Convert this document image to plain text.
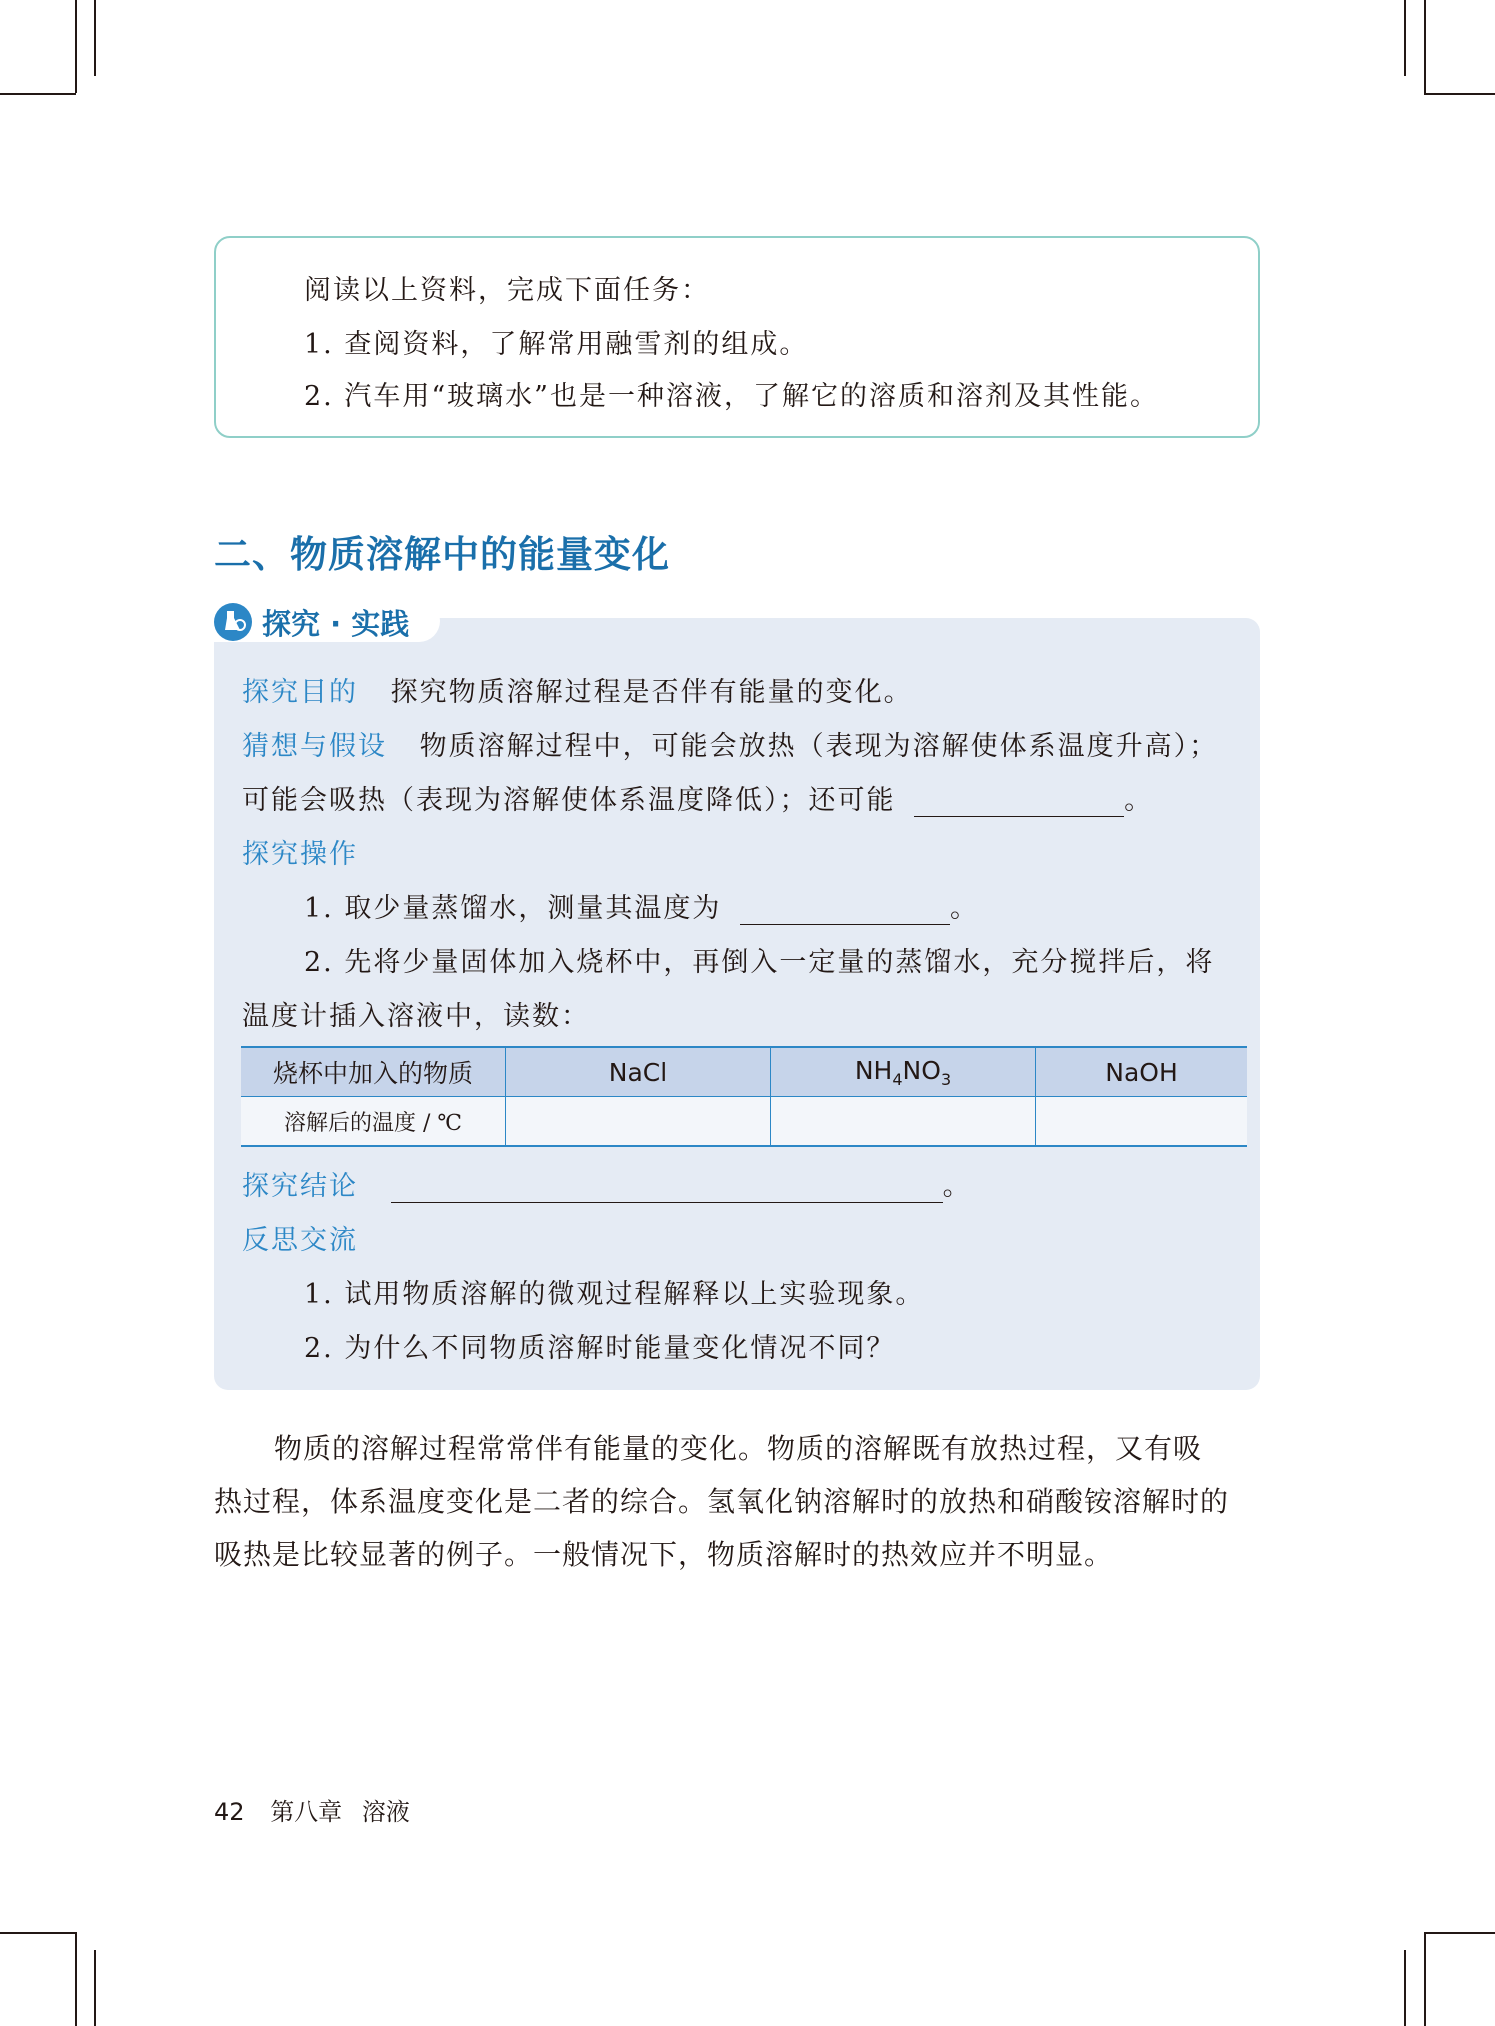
阅读以上资料，完成下面任务：
1. 查阅资料，了解常用融雪剂的组成。
2. 汽车用“玻璃水”也是一种溶液，了解它的溶质和溶剂及其性能。
二、物质溶解中的能量变化
探究 · 实践
探究目的 探究物质溶解过程是否伴有能量的变化。
猜想与假设 物质溶解过程中，可能会放热（表现为溶解使体系温度升高）；
可能会吸热（表现为溶解使体系温度降低）；还可能	。
探究操作
1. 取少量蒸馏水，测量其温度为	。
2. 先将少量固体加入烧杯中，再倒入一定量的蒸馏水，充分搅拌后，将
温度计插入溶液中，读数：
烧杯中加入的物质	NaCl	$NH_4NO_3$	NaOH
溶解后的温度 / ℃			
探究结论	。
反思交流
1. 试用物质溶解的微观过程解释以上实验现象。
2. 为什么不同物质溶解时能量变化情况不同？
物质的溶解过程常常伴有能量的变化。物质的溶解既有放热过程，又有吸
热过程，体系温度变化是二者的综合。氢氧化钠溶解时的放热和硝酸铵溶解时的
吸热是比较显著的例子。一般情况下，物质溶解时的热效应并不明显。
42 第八章 溶液
